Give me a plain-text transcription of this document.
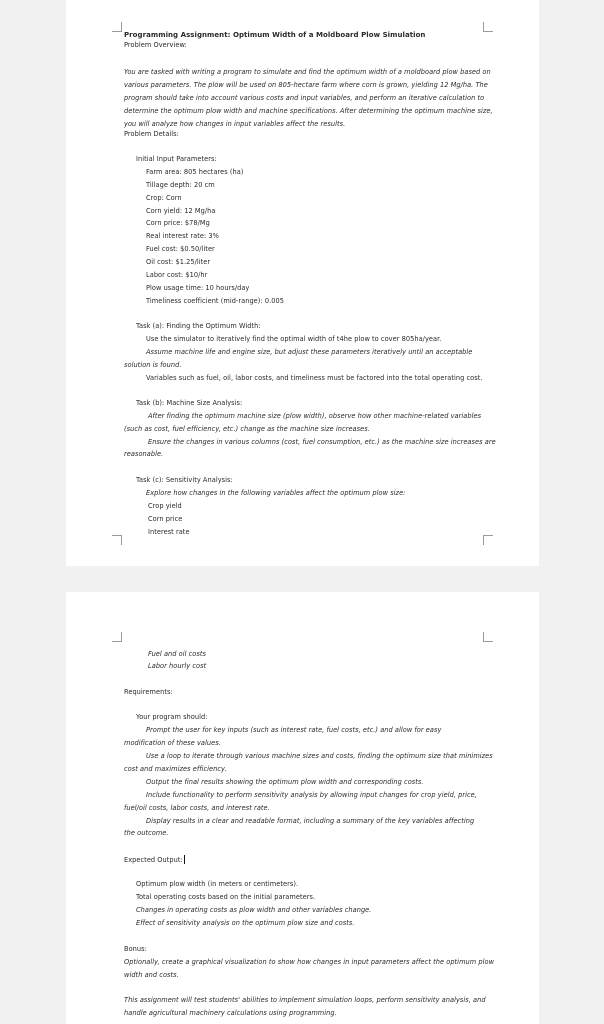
Programming Assignment: Optimum Width of a Moldboard Plow Simulation
Problem Overview:
You are tasked with writing a program to simulate and find the optimum width of a moldboard plow based on
various parameters. The plow will be used on 805-hectare farm where corn is grown, yielding 12 Mg/ha. The
program should take into account various costs and input variables, and perform an iterative calculation to
determine the optimum plow width and machine specifications. After determining the optimum machine size,
you will analyze how changes in input variables affect the results.
Problem Details:
Initial Input Parameters:
Farm area: 805 hectares (ha)
Tillage depth: 20 cm
Crop: Corn
Corn yield: 12 Mg/ha
Corn price: $78/Mg
Real interest rate: 3%
Fuel cost: $0.50/liter
Oil cost: $1.25/liter
Labor cost: $10/hr
Plow usage time: 10 hours/day
Timeliness coefficient (mid-range): 0.005
Task (a): Finding the Optimum Width:
Use the simulator to iteratively find the optimal width of t4he plow to cover 805ha/year.
Assume machine life and engine size, but adjust these parameters iteratively until an acceptable
solution is found.
Variables such as fuel, oil, labor costs, and timeliness must be factored into the total operating cost.
Task (b): Machine Size Analysis:
After finding the optimum machine size (plow width), observe how other machine-related variables
(such as cost, fuel efficiency, etc.) change as the machine size increases.
Ensure the changes in various columns (cost, fuel consumption, etc.) as the machine size increases are
reasonable.
Task (c): Sensitivity Analysis:
Explore how changes in the following variables affect the optimum plow size:
Crop yield
Corn price
Interest rate
Fuel and oil costs
Labor hourly cost
Requirements:
Your program should:
Prompt the user for key inputs (such as interest rate, fuel costs, etc.) and allow for easy
modification of these values.
Use a loop to iterate through various machine sizes and costs, finding the optimum size that minimizes
cost and maximizes efficiency.
Output the final results showing the optimum plow width and corresponding costs.
Include functionality to perform sensitivity analysis by allowing input changes for crop yield, price,
fuel/oil costs, labor costs, and interest rate.
Display results in a clear and readable format, including a summary of the key variables affecting
the outcome.
Expected Output:
Optimum plow width (in meters or centimeters).
Total operating costs based on the initial parameters.
Changes in operating costs as plow width and other variables change.
Effect of sensitivity analysis on the optimum plow size and costs.
Bonus:
Optionally, create a graphical visualization to show how changes in input parameters affect the optimum plow
width and costs.
This assignment will test students' abilities to implement simulation loops, perform sensitivity analysis, and
handle agricultural machinery calculations using programming.
